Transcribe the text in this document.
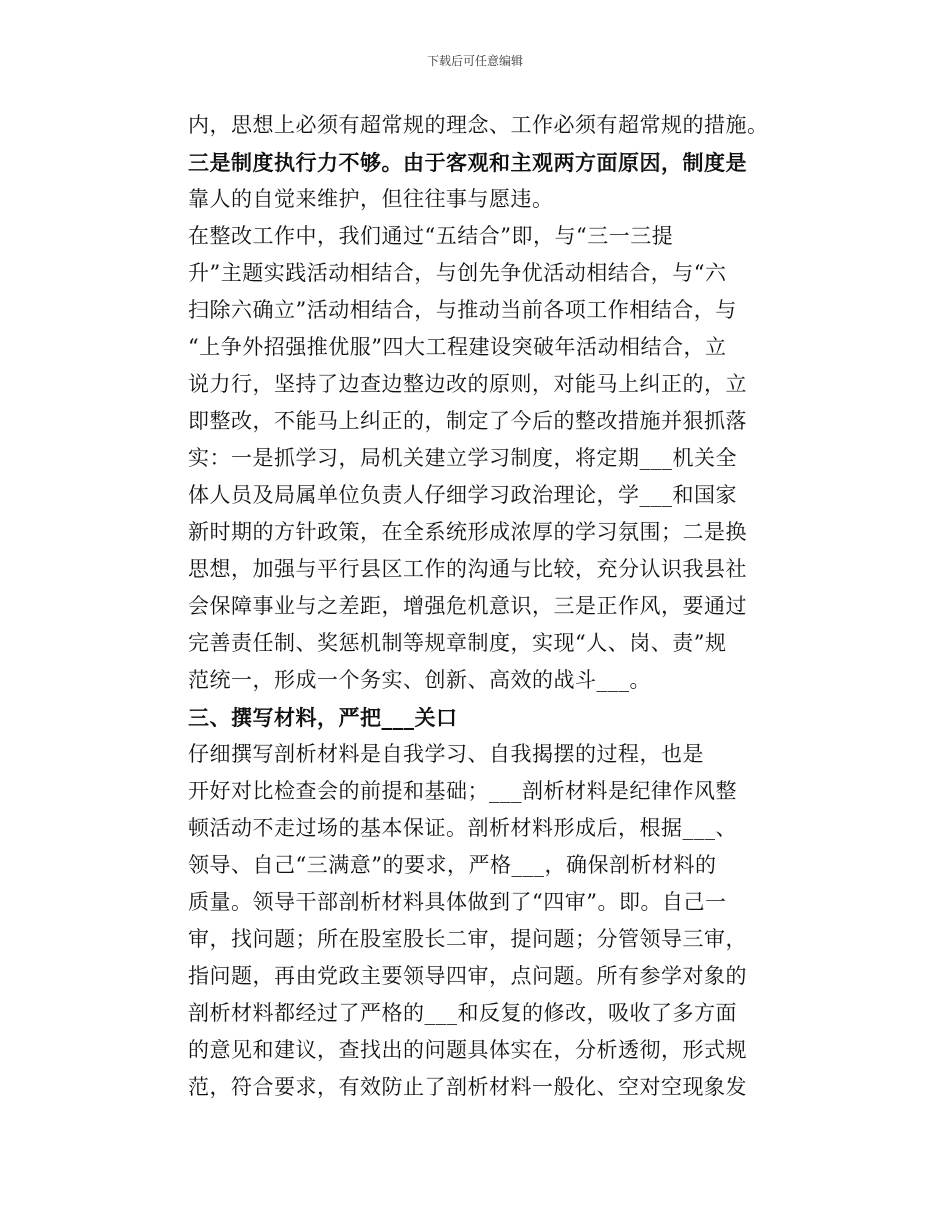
下载后可任意编辑
内，思想上必须有超常规的理念、工作必须有超常规的措施。
三是制度执行力不够。由于客观和主观两方面原因，制度是
靠人的自觉来维护，但往往事与愿违。
在整改工作中，我们通过“五结合”即，与“三一三提
升”主题实践活动相结合，与创先争优活动相结合，与“六
扫除六确立”活动相结合，与推动当前各项工作相结合，与
“上争外招强推优服”四大工程建设突破年活动相结合，立
说力行，坚持了边查边整边改的原则，对能马上纠正的，立
即整改，不能马上纠正的，制定了今后的整改措施并狠抓落
实：一是抓学习，局机关建立学习制度，将定期___机关全
体人员及局属单位负责人仔细学习政治理论，学___和国家
新时期的方针政策，在全系统形成浓厚的学习氛围；二是换
思想，加强与平行县区工作的沟通与比较，充分认识我县社
会保障事业与之差距，增强危机意识，三是正作风，要通过
完善责任制、奖惩机制等规章制度，实现“人、岗、责”规
范统一，形成一个务实、创新、高效的战斗___。
三、撰写材料，严把___关口
仔细撰写剖析材料是自我学习、自我揭摆的过程，也是
开好对比检查会的前提和基础；___剖析材料是纪律作风整
顿活动不走过场的基本保证。剖析材料形成后，根据___、
领导、自己“三满意”的要求，严格___，确保剖析材料的
质量。领导干部剖析材料具体做到了“四审”。即。自己一
审，找问题；所在股室股长二审，提问题；分管领导三审，
指问题，再由党政主要领导四审，点问题。所有参学对象的
剖析材料都经过了严格的___和反复的修改，吸收了多方面
的意见和建议，查找出的问题具体实在，分析透彻，形式规
范，符合要求，有效防止了剖析材料一般化、空对空现象发
